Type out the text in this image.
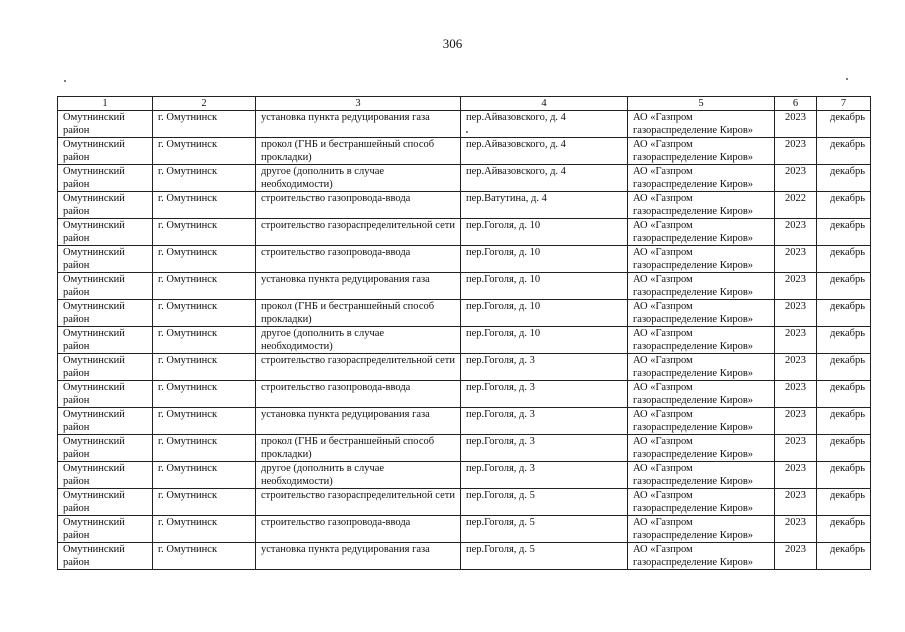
306
1	2	3	4	5	6	7
Омутнинский район	г. Омутнинск	установка пункта редуцирования газа	пер.Айвазовского, д. 4	АО «Газпром газораспределение Киров»	2023	декабрь
Омутнинский район	г. Омутнинск	прокол (ГНБ и бестраншейный способ прокладки)	пер.Айвазовского, д. 4	АО «Газпром газораспределение Киров»	2023	декабрь
Омутнинский район	г. Омутнинск	другое (дополнить в случае необходимости)	пер.Айвазовского, д. 4	АО «Газпром газораспределение Киров»	2023	декабрь
Омутнинский район	г. Омутнинск	строительство газопровода-ввода	пер.Ватутина, д. 4	АО «Газпром газораспределение Киров»	2022	декабрь
Омутнинский район	г. Омутнинск	строительство газораспределительной сети	пер.Гоголя, д. 10	АО «Газпром газораспределение Киров»	2023	декабрь
Омутнинский район	г. Омутнинск	строительство газопровода-ввода	пер.Гоголя, д. 10	АО «Газпром газораспределение Киров»	2023	декабрь
Омутнинский район	г. Омутнинск	установка пункта редуцирования газа	пер.Гоголя, д. 10	АО «Газпром газораспределение Киров»	2023	декабрь
Омутнинский район	г. Омутнинск	прокол (ГНБ и бестраншейный способ прокладки)	пер.Гоголя, д. 10	АО «Газпром газораспределение Киров»	2023	декабрь
Омутнинский район	г. Омутнинск	другое (дополнить в случае необходимости)	пер.Гоголя, д. 10	АО «Газпром газораспределение Киров»	2023	декабрь
Омутнинский район	г. Омутнинск	строительство газораспределительной сети	пер.Гоголя, д. 3	АО «Газпром газораспределение Киров»	2023	декабрь
Омутнинский район	г. Омутнинск	строительство газопровода-ввода	пер.Гоголя, д. 3	АО «Газпром газораспределение Киров»	2023	декабрь
Омутнинский район	г. Омутнинск	установка пункта редуцирования газа	пер.Гоголя, д. 3	АО «Газпром газораспределение Киров»	2023	декабрь
Омутнинский район	г. Омутнинск	прокол (ГНБ и бестраншейный способ прокладки)	пер.Гоголя, д. 3	АО «Газпром газораспределение Киров»	2023	декабрь
Омутнинский район	г. Омутнинск	другое (дополнить в случае необходимости)	пер.Гоголя, д. 3	АО «Газпром газораспределение Киров»	2023	декабрь
Омутнинский район	г. Омутнинск	строительство газораспределительной сети	пер.Гоголя, д. 5	АО «Газпром газораспределение Киров»	2023	декабрь
Омутнинский район	г. Омутнинск	строительство газопровода-ввода	пер.Гоголя, д. 5	АО «Газпром газораспределение Киров»	2023	декабрь
Омутнинский район	г. Омутнинск	установка пункта редуцирования газа	пер.Гоголя, д. 5	АО «Газпром газораспределение Киров»	2023	декабрь
